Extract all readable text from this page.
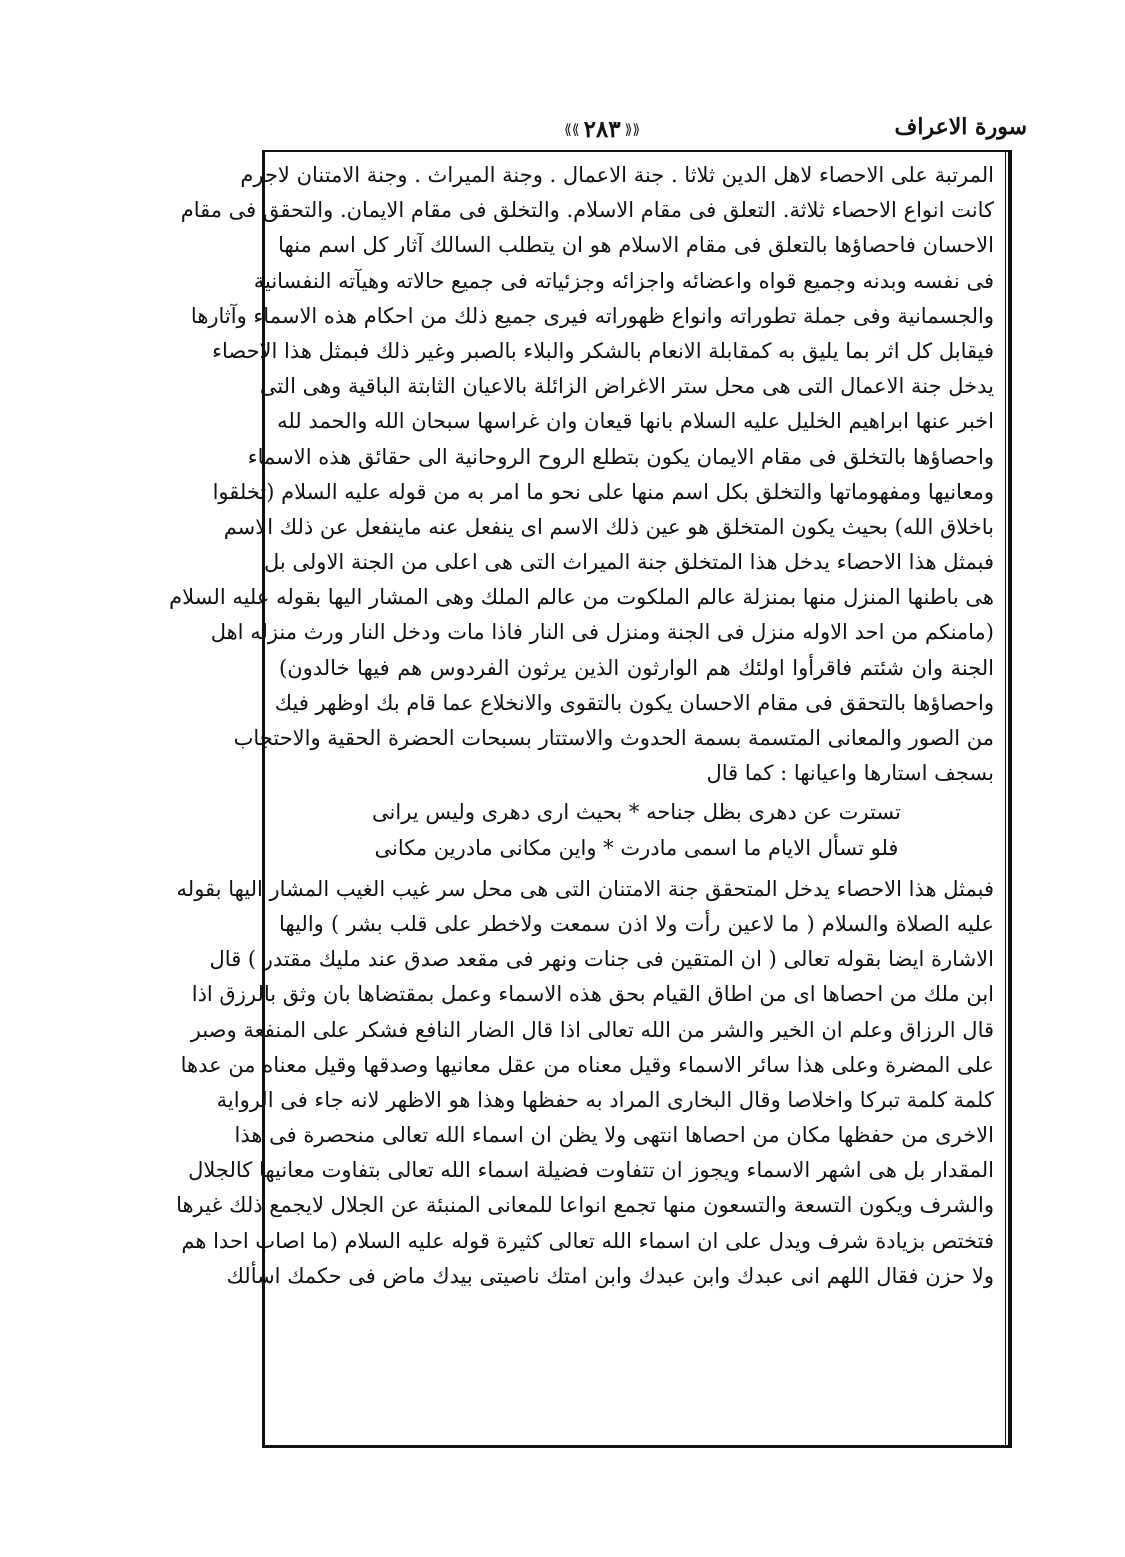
سورة الاعراف
⟪⟪ ٢٨٣ ⟫⟫
المرتبة على الاحصاء لاهل الدين ثلاثا . جنة الاعمال . وجنة الميراث . وجنة الامتنان لاجرم
كانت انواع الاحصاء ثلاثة. التعلق فى مقام الاسلام. والتخلق فى مقام الايمان. والتحقق فى مقام
الاحسان فاحصاؤها بالتعلق فى مقام الاسلام هو ان يتطلب السالك آثار كل اسم منها
فى نفسه وبدنه وجميع قواه واعضائه واجزائه وجزئياته فى جميع حالاته وهيآته النفسانية
والجسمانية وفى جملة تطوراته وانواع ظهوراته فيرى جميع ذلك من احكام هذه الاسماء وآثارها
فيقابل كل اثر بما يليق به كمقابلة الانعام بالشكر والبلاء بالصبر وغير ذلك فبمثل هذا الاحصاء
يدخل جنة الاعمال التى هى محل ستر الاغراض الزائلة بالاعيان الثابتة الباقية وهى التى
اخبر عنها ابراهيم الخليل عليه السلام بانها قيعان وان غراسها سبحان الله والحمد لله
واحصاؤها بالتخلق فى مقام الايمان يكون بتطلع الروح الروحانية الى حقائق هذه الاسماء
ومعانيها ومفهوماتها والتخلق بكل اسم منها على نحو ما امر به من قوله عليه السلام (تخلقوا
باخلاق الله) بحيث يكون المتخلق هو عين ذلك الاسم اى ينفعل عنه ماينفعل عن ذلك الاسم
فبمثل هذا الاحصاء يدخل هذا المتخلق جنة الميراث التى هى اعلى من الجنة الاولى بل
هى باطنها المنزل منها بمنزلة عالم الملكوت من عالم الملك وهى المشار اليها بقوله عليه السلام
(مامنكم من احد الاوله منزل فى الجنة ومنزل فى النار فاذا مات ودخل النار ورث منزله اهل
الجنة وان شئتم فاقرأوا اولئك هم الوارثون الذين يرثون الفردوس هم فيها خالدون)
واحصاؤها بالتحقق فى مقام الاحسان يكون بالتقوى والانخلاع عما قام بك اوظهر فيك
من الصور والمعانى المتسمة بسمة الحدوث والاستتار بسبحات الحضرة الحقية والاحتجاب
بسجف استارها واعيانها : كما قال
تسترت عن دهرى بظل جناحه * بحيث ارى دهرى وليس يرانى
فلو تسأل الايام ما اسمى مادرت * واين مكانى مادرين مكانى
فبمثل هذا الاحصاء يدخل المتحقق جنة الامتنان التى هى محل سر غيب الغيب المشار اليها بقوله
عليه الصلاة والسلام ( ما لاعين رأت ولا اذن سمعت ولاخطر على قلب بشر ) واليها
الاشارة ايضا بقوله تعالى ( ان المتقين فى جنات ونهر فى مقعد صدق عند مليك مقتدر ) قال
ابن ملك من احصاها اى من اطاق القيام بحق هذه الاسماء وعمل بمقتضاها بان وثق بالرزق اذا
قال الرزاق وعلم ان الخير والشر من الله تعالى اذا قال الضار النافع فشكر على المنفعة وصبر
على المضرة وعلى هذا سائر الاسماء وقيل معناه من عقل معانيها وصدقها وقيل معناه من عدها
كلمة كلمة تبركا واخلاصا وقال البخارى المراد به حفظها وهذا هو الاظهر لانه جاء فى الرواية
الاخرى من حفظها مكان من احصاها انتهى ولا يظن ان اسماء الله تعالى منحصرة فى هذا
المقدار بل هى اشهر الاسماء ويجوز ان تتفاوت فضيلة اسماء الله تعالى بتفاوت معانيها كالجلال
والشرف ويكون التسعة والتسعون منها تجمع انواعا للمعانى المنبئة عن الجلال لايجمع ذلك غيرها
فتختص بزيادة شرف ويدل على ان اسماء الله تعالى كثيرة قوله عليه السلام (ما اصاب احدا هم
ولا حزن فقال اللهم انى عبدك وابن عبدك وابن امتك ناصيتى بيدك ماض فى حكمك اسألك
